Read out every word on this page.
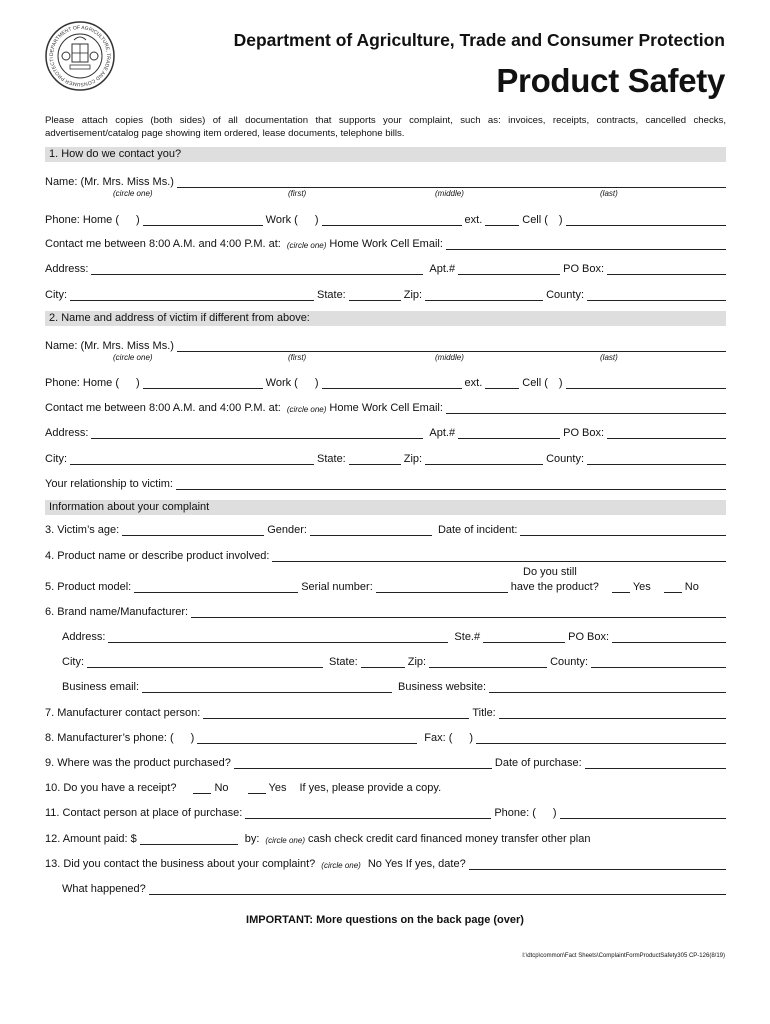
DEPARTMENT OF AGRICULTURE, TRADE AND CONSUMER PROTECTI
Department of Agriculture, Trade and Consumer Protection
Product Safety
Please attach copies (both sides) of all documentation that supports your complaint, such as: invoices, receipts, contracts, cancelled checks, advertisement/catalog page showing item ordered, lease documents, telephone bills.
1. How do we contact you?
Name: (Mr. Mrs. Miss Ms.)
(circle one)	(first)	(middle)	(last)
Phone: Home (	)	Work (	)	ext.	Cell (	)
Contact me between 8:00 A.M. and 4:00 P.M. at: (circle one) Home Work Cell Email:
Address:	Apt.#	PO Box:
City:	State:	Zip:	County:
2. Name and address of victim if different from above:
Name: (Mr. Mrs. Miss Ms.)
(circle one)	(first)	(middle)	(last)
Phone: Home (	)	Work (	)	ext.	Cell (	)
Contact me between 8:00 A.M. and 4:00 P.M. at: (circle one) Home Work Cell Email:
Address:	Apt.#	PO Box:
City:	State:	Zip:	County:
Your relationship to victim:
Information about your complaint
3. Victim’s age:	Gender:	Date of incident:
4. Product name or describe product involved:
Do you still
5. Product model:	Serial number:	have the product?	Yes	No
6. Brand name/Manufacturer:
Address:	Ste.#	PO Box:
City:	State:	Zip:	County:
Business email:	Business website:
7. Manufacturer contact person:	Title:
8. Manufacturer’s phone: (	)	Fax: (	)
9. Where was the product purchased?	Date of purchase:
10. Do you have a receipt?	No	Yes	If yes, please provide a copy.
11. Contact person at place of purchase:	Phone: (	)
12. Amount paid: $	by: (circle one) cash check credit card financed money transfer other plan
13. Did you contact the business about your complaint? (circle one) No Yes If yes, date?
What happened?
IMPORTANT: More questions on the back page (over)
I:\dtcp\common\Fact Sheets\ComplaintFormProductSafety305 CP-126(8/19)
